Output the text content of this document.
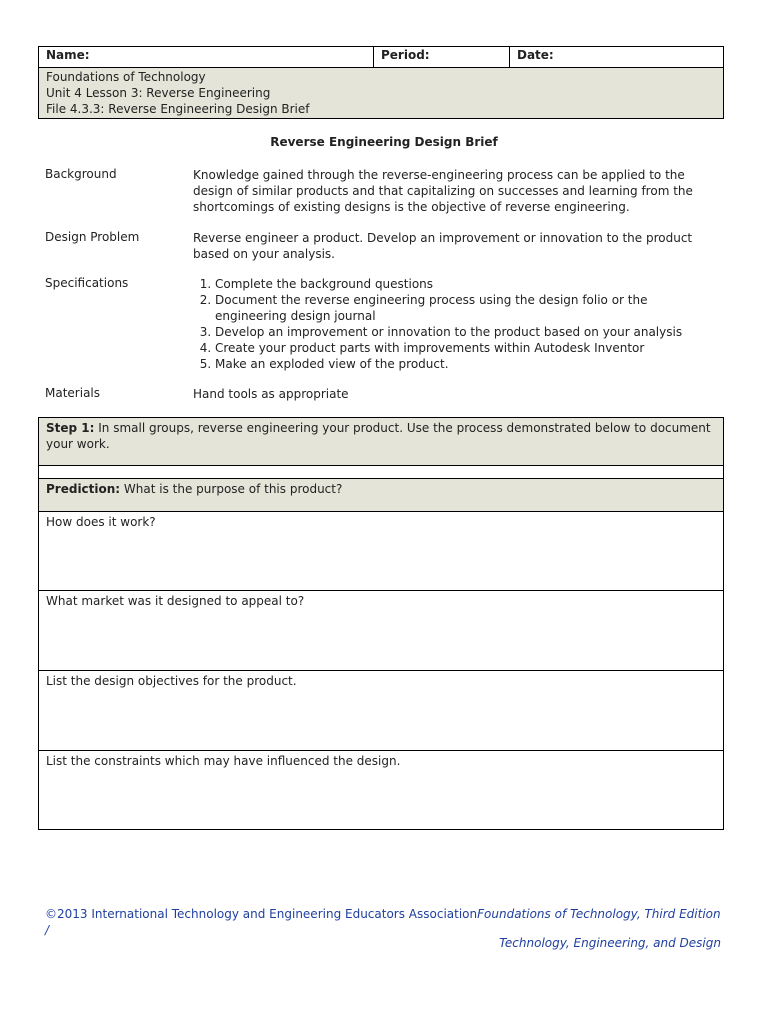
Name:	Period:	Date:

Foundations of Technology
Unit 4 Lesson 3: Reverse Engineering
File 4.3.3: Reverse Engineering Design Brief
Reverse Engineering Design Brief
Background	Knowledge gained through the reverse-engineering process can be applied to the design of similar products and that capitalizing on successes and learning from the shortcomings of existing designs is the objective of reverse engineering.
Design Problem	Reverse engineer a product. Develop an improvement or innovation to the product based on your analysis.
Specifications
1.	Complete the background questions
2. Document the reverse engineering process using the design folio or the engineering design journal
3. Develop an improvement or innovation to the product based on your analysis
4. Create your product parts with improvements within Autodesk Inventor
5. Make an exploded view of the product.
Materials	Hand tools as appropriate
Step 1: In small groups, reverse engineering your product. Use the process demonstrated below to document your work.

Prediction: What is the purpose of this product?
How does it work?
What market was it designed to appeal to?
List the design objectives for the product.
List the constraints which may have influenced the design.
©2013 International Technology and Engineering Educators AssociationFoundations of Technology, Third Edition /
Technology, Engineering, and Design
